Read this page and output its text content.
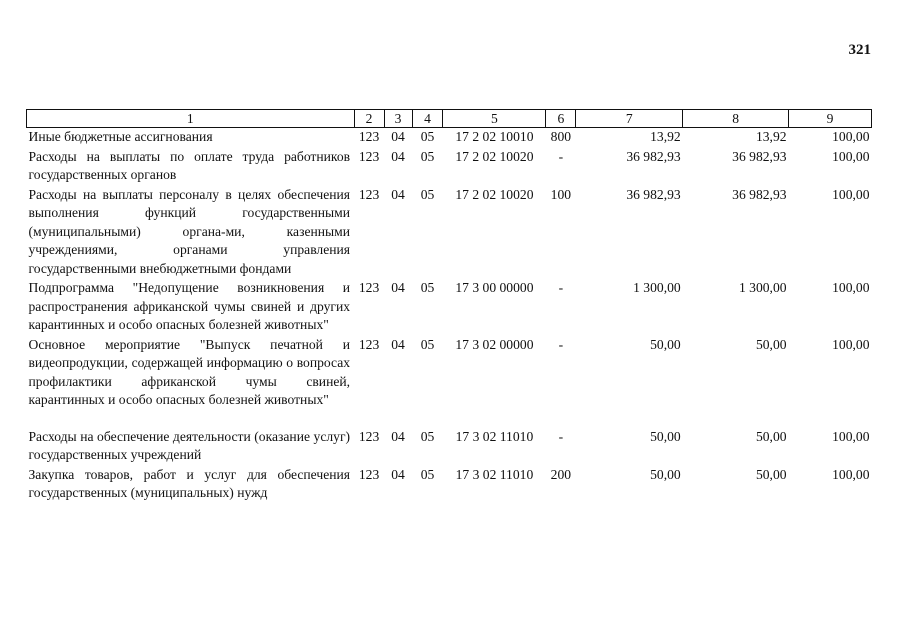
321
1	2	3	4	5	6	7	8	9
Иные бюджетные ассигнования	123	04	05	17 2 02 10010	800	13,92	13,92	100,00
Расходы на выплаты по оплате труда работников государственных органов	123	04	05	17 2 02 10020	-	36 982,93	36 982,93	100,00
Расходы на выплаты персоналу в целях обеспечения выполнения функций государственными (муниципальными) органа-ми, казенными учреждениями, органами управления государственными внебюджетными фондами	123	04	05	17 2 02 10020	100	36 982,93	36 982,93	100,00
Подпрограмма "Недопущение возникновения и распространения африканской чумы свиней и других карантинных и особо опасных болезней животных"	123	04	05	17 3 00 00000	-	1 300,00	1 300,00	100,00
Основное мероприятие "Выпуск печатной и видеопродукции, содержащей информацию о вопросах профилактики африканской чумы свиней, карантинных и особо опасных болезней животных"	123	04	05	17 3 02 00000	-	50,00	50,00	100,00
Расходы на обеспечение деятельности (оказание услуг) государственных учреждений	123	04	05	17 3 02 11010	-	50,00	50,00	100,00
Закупка товаров, работ и услуг для обеспечения государственных (муниципальных) нужд	123	04	05	17 3 02 11010	200	50,00	50,00	100,00
